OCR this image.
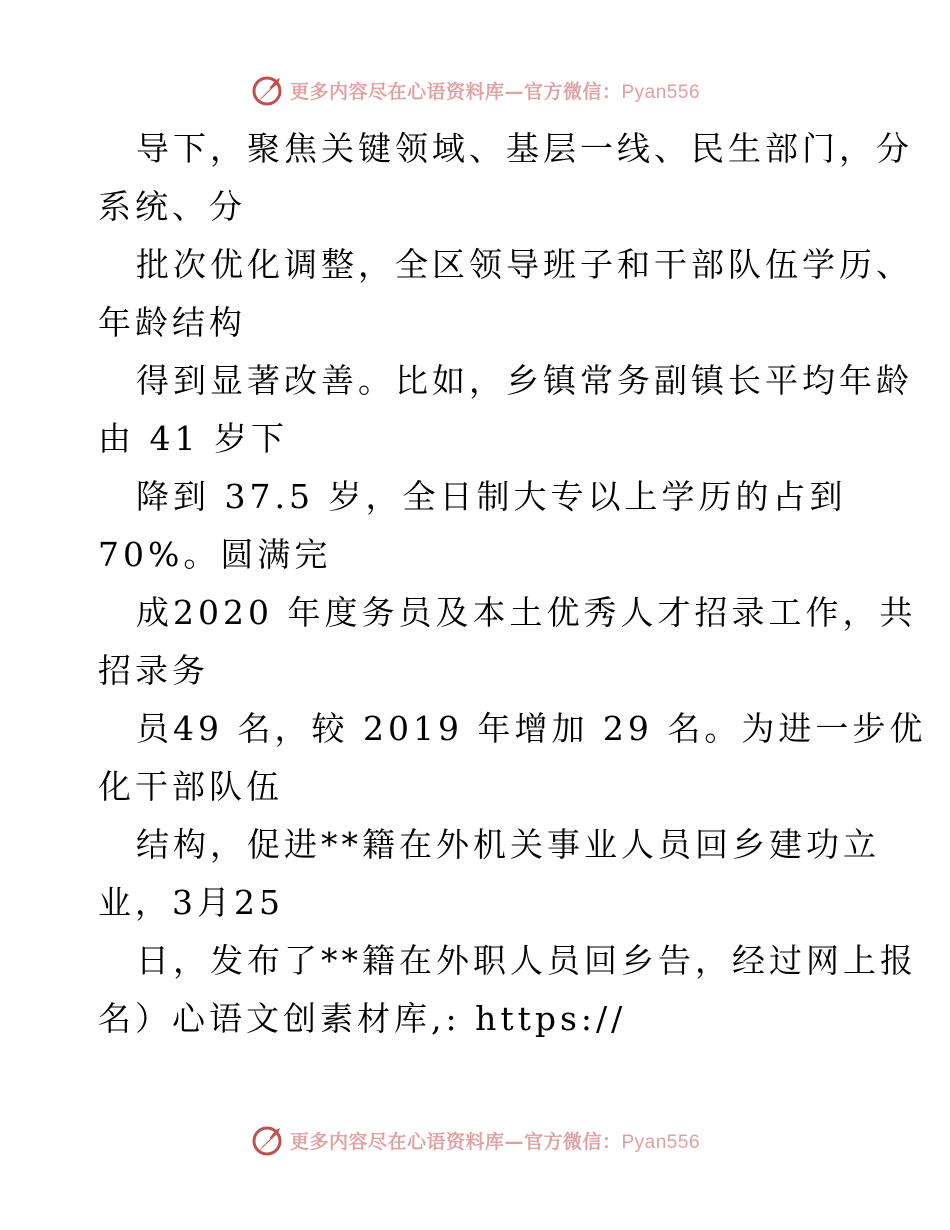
更多内容尽在心语资料库—官方微信：Pyan556
导下，聚焦关键领域、基层一线、民生部门，分
系统、分
批次优化调整，全区领导班子和干部队伍学历、
年龄结构
得到显著改善。比如，乡镇常务副镇长平均年龄
由 41 岁下
降到 37.5 岁，全日制大专以上学历的占到
70%。圆满完
成2020 年度务员及本土优秀人才招录工作，共
招录务
员49 名，较 2019 年增加 29 名。为进一步优
化干部队伍
结构，促进**籍在外机关事业人员回乡建功立
业，3月25
日，发布了**籍在外职人员回乡告，经过网上报
名）心语文创素材库,: https://
更多内容尽在心语资料库—官方微信：Pyan556
